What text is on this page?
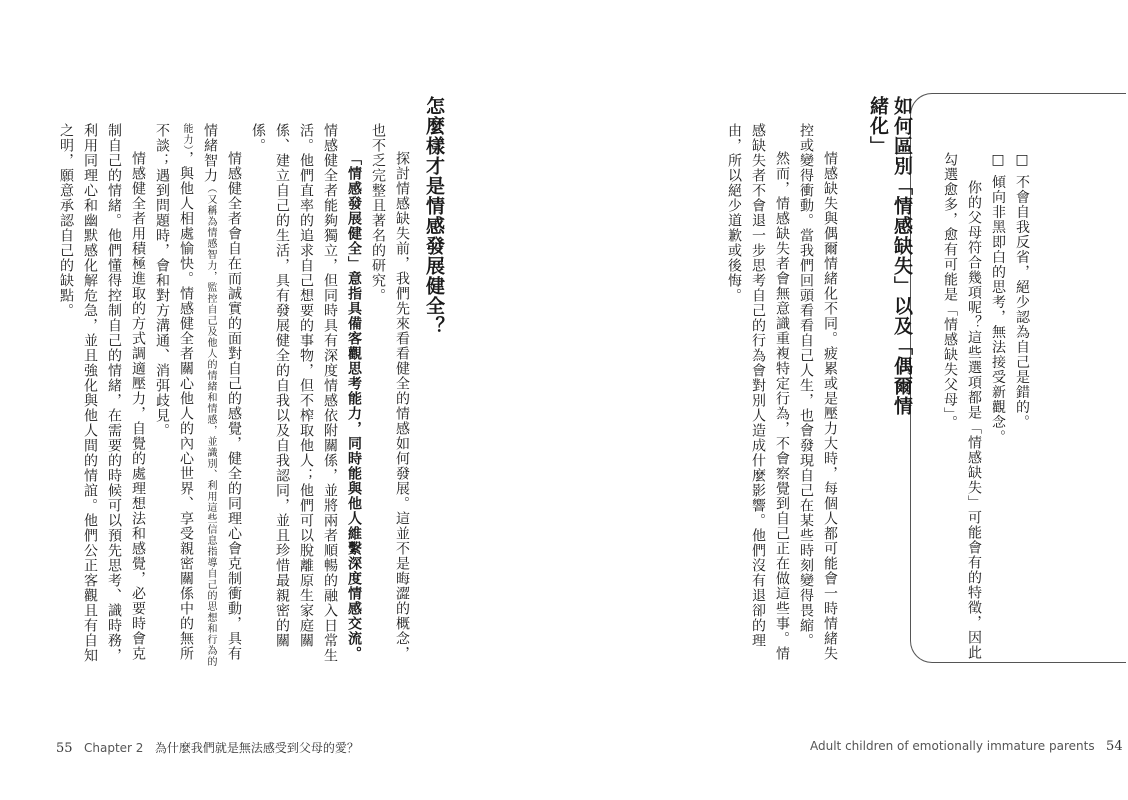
□ 不會自我反省，絕少認為自己是錯的。
□ 傾向非黑即白的思考，無法接受新觀念。
你的父母符合幾項呢？這些選項都是「情感缺失」可能會有的特徵，因此勾選愈多，愈有可能是「情感缺失父母」。
如何區別「情感缺失」以及「偶爾情緒化」
情感缺失與偶爾情緒化不同。疲累或是壓力大時，每個人都可能會一時情緒失控或變得衝動。當我們回頭看看自己人生，也會發現自己在某些時刻變得畏縮。
然而，情感缺失者會無意識重複特定行為，不會察覺到自己正在做這些事。情感缺失者不會退一步思考自己的行為會對別人造成什麼影響。他們沒有退卻的理由，所以絕少道歉或後悔。
Adult children of emotionally immature parents 54
怎麼樣才是情感發展健全？
探討情感缺失前，我們先來看看健全的情感如何發展。這並不是晦澀的概念，也不乏完整且著名的研究。
「情感發展健全」意指具備客觀思考能力，同時能與他人維繫深度情感交流。情感健全者能夠獨立，但同時具有深度情感依附關係，並將兩者順暢的融入日常生活。他們直率的追求自己想要的事物，但不榨取他人；他們可以脫離原生家庭關係、建立自己的生活，具有發展健全的自我以及自我認同，並且珍惜最親密的關係。
情感健全者會自在而誠實的面對自己的感覺，健全的同理心會克制衝動，具有情緒智力（又稱為情感智力，監控自己及他人的情緒和情感，並識別、利用這些信息指導自己的思想和行為的能力），與他人相處愉快。情感健全者關心他人的內心世界、享受親密關係中的無所不談；遇到問題時，會和對方溝通、消弭歧見。
情感健全者用積極進取的方式調適壓力，自覺的處理想法和感覺，必要時會克制自己的情緒。他們懂得控制自己的情緒，在需要的時候可以預先思考、識時務，利用同理心和幽默感化解危急，並且強化與他人間的情誼。他們公正客觀且有自知之明，願意承認自己的缺點。
55 Chapter 2 為什麼我們就是無法感受到父母的愛？
